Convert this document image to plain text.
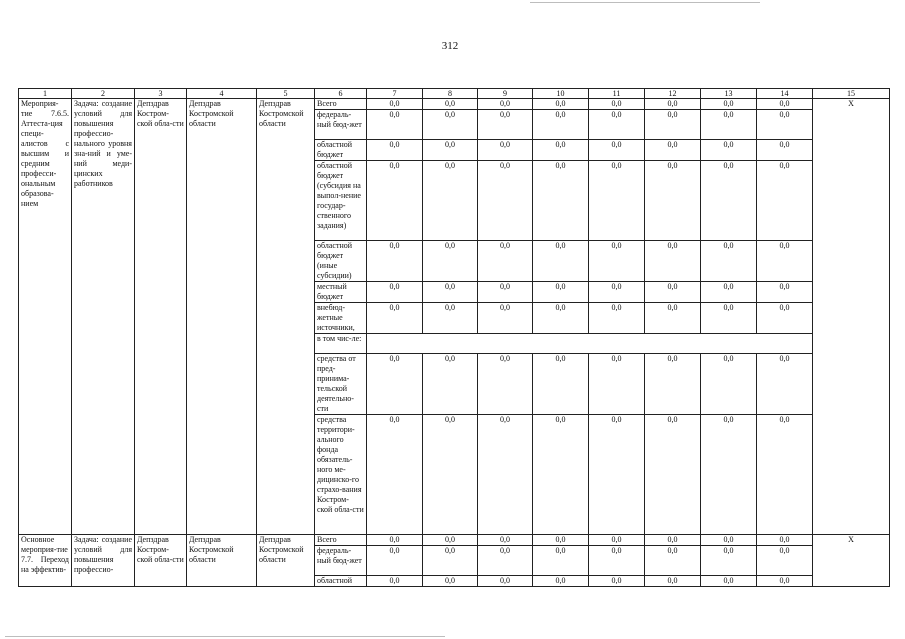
312
1	2	3	4	5	6	7	8	9	10	11	12	13	14	15
Мероприя-тие 7.6.5. Аттеста-ция специ-алистов с высшим и средним професси-ональным образова-нием	Задача: создание условий для повышения профессио-нального уровня зна-ний и уме-ний меди-цинских работников	Депздрав Костром-ской обла-сти	Депздрав Костромской области	Депздрав Костромской области	Всего	0,0	0,0	0,0	0,0	0,0	0,0	0,0	0,0	Х
					федераль-ный бюд-жет	0,0	0,0	0,0	0,0	0,0	0,0	0,0	0,0	
					областной бюджет	0,0	0,0	0,0	0,0	0,0	0,0	0,0	0,0	
					областной бюджет (субсидия на выпол-нение государ-ственного задания)	0,0	0,0	0,0	0,0	0,0	0,0	0,0	0,0	
					областной бюджет (иные субсидии)	0,0	0,0	0,0	0,0	0,0	0,0	0,0	0,0	
					местный бюджет	0,0	0,0	0,0	0,0	0,0	0,0	0,0	0,0	
					внебюд-жетные источники,	0,0	0,0	0,0	0,0	0,0	0,0	0,0	0,0	
					в том чис-ле:									
					средства от пред-принима-тельской деятельно-сти	0,0	0,0	0,0	0,0	0,0	0,0	0,0	0,0	
					средства территори-ального фонда обязатель-ного ме-дицинско-го страхо-вания Костром-ской обла-сти	0,0	0,0	0,0	0,0	0,0	0,0	0,0	0,0	
Основное мероприя-тие 7.7. Переход на эффектив-	Задача: создание условий для повышения профессио-	Депздрав Костром-ской обла-сти	Депздрав Костромской области	Депздрав Костромской области	Всего	0,0	0,0	0,0	0,0	0,0	0,0	0,0	0,0	Х
					федераль-ный бюд-жет	0,0	0,0	0,0	0,0	0,0	0,0	0,0	0,0	
					областной	0,0	0,0	0,0	0,0	0,0	0,0	0,0	0,0	
